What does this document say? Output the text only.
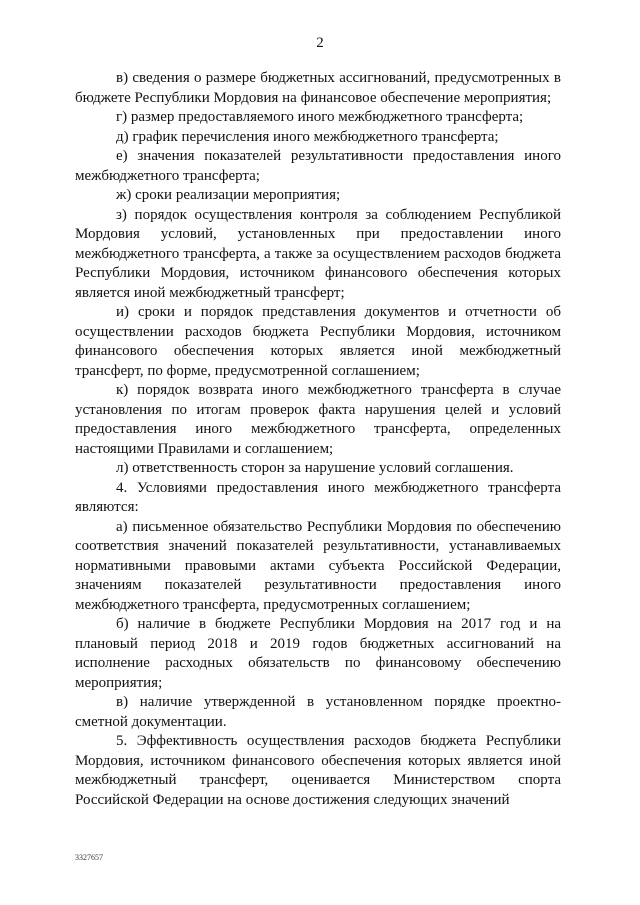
2

в) сведения о размере бюджетных ассигнований, предусмотренных в бюджете Республики Мордовия на финансовое обеспечение мероприятия;

г) размер предоставляемого иного межбюджетного трансферта;

д) график перечисления иного межбюджетного трансферта;

е) значения показателей результативности предоставления иного межбюджетного трансферта;

ж) сроки реализации мероприятия;

з) порядок осуществления контроля за соблюдением Республикой Мордовия условий, установленных при предоставлении иного межбюджетного трансферта, а также за осуществлением расходов бюджета Республики Мордовия, источником финансового обеспечения которых является иной межбюджетный трансферт;

и) сроки и порядок представления документов и отчетности об осуществлении расходов бюджета Республики Мордовия, источником финансового обеспечения которых является иной межбюджетный трансферт, по форме, предусмотренной соглашением;

к) порядок возврата иного межбюджетного трансферта в случае установления по итогам проверок факта нарушения целей и условий предоставления иного межбюджетного трансферта, определенных настоящими Правилами и соглашением;

л) ответственность сторон за нарушение условий соглашения.

4. Условиями предоставления иного межбюджетного трансферта являются:

а) письменное обязательство Республики Мордовия по обеспечению соответствия значений показателей результативности, устанавливаемых нормативными правовыми актами субъекта Российской Федерации, значениям показателей результативности предоставления иного межбюджетного трансферта, предусмотренных соглашением;

б) наличие в бюджете Республики Мордовия на 2017 год и на плановый период 2018 и 2019 годов бюджетных ассигнований на исполнение расходных обязательств по финансовому обеспечению мероприятия;

в) наличие утвержденной в установленном порядке проектно-сметной документации.

5. Эффективность осуществления расходов бюджета Республики Мордовия, источником финансового обеспечения которых является иной межбюджетный трансферт, оценивается Министерством спорта Российской Федерации на основе достижения следующих значений

3327657
